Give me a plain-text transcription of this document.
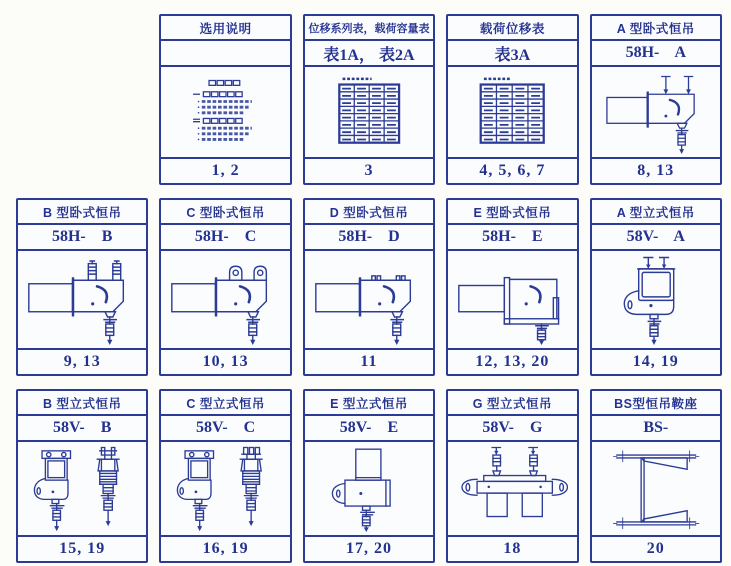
选用说明
1, 2
位移系列表，载荷容量表
表1A， 表2A
3
载荷位移表
表3A
4, 5, 6, 7
A 型卧式恒吊
58H-    A
8, 13
B 型卧式恒吊
58H-    B
9, 13
C 型卧式恒吊
58H-    C
10, 13
D 型卧式恒吊
58H-    D
11
E 型卧式恒吊
58H-    E
12, 13, 20
A 型立式恒吊
58V-    A
14, 19
B 型立式恒吊
58V-    B
15, 19
C 型立式恒吊
58V-    C
16, 19
E 型立式恒吊
58V-    E
17, 20
G 型立式恒吊
58V-    G
18
BS型恒吊鞍座
BS-
20
